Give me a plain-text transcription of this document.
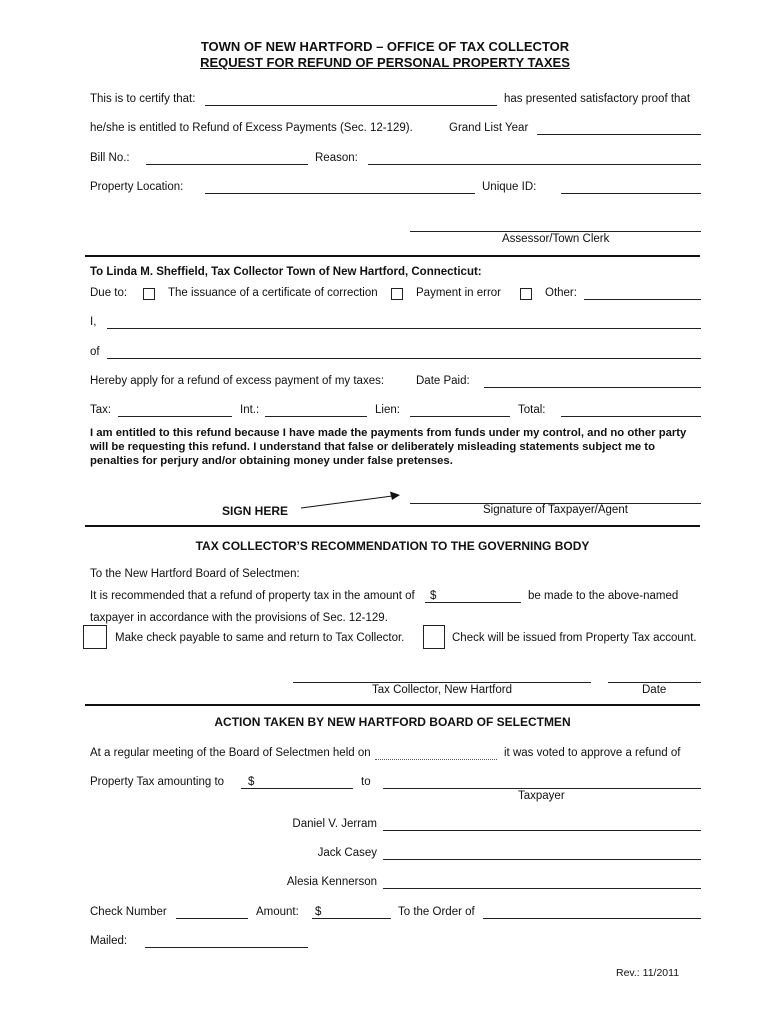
TOWN OF NEW HARTFORD – OFFICE OF TAX COLLECTOR
REQUEST FOR REFUND OF PERSONAL PROPERTY TAXES
This is to certify that:	has presented satisfactory proof that
he/she is entitled to Refund of Excess Payments (Sec. 12-129).	Grand List Year
Bill No.:	Reason:
Property Location:	Unique ID:
Assessor/Town Clerk
To Linda M. Sheffield, Tax Collector Town of New Hartford, Connecticut:
Due to:	The issuance of a certificate of correction	Payment in error	Other:
I,
of
Hereby apply for a refund of excess payment of my taxes:	Date Paid:
Tax:	Int.:	Lien:	Total:
I am entitled to this refund because I have made the payments from funds under my control, and no other party will be requesting this refund. I understand that false or deliberately misleading statements subject me to penalties for perjury and/or obtaining money under false pretenses.
SIGN HERE	Signature of Taxpayer/Agent
TAX COLLECTOR’S RECOMMENDATION TO THE GOVERNING BODY
To the New Hartford Board of Selectmen:
It is recommended that a refund of property tax in the amount of $	be made to the above-named
taxpayer in accordance with the provisions of Sec. 12-129.
Make check payable to same and return to Tax Collector.	Check will be issued from Property Tax account.
Tax Collector, New Hartford	Date
ACTION TAKEN BY NEW HARTFORD BOARD OF SELECTMEN
At a regular meeting of the Board of Selectmen held on	it was voted to approve a refund of
Property Tax amounting to $	to
Taxpayer
Daniel V. Jerram
Jack Casey
Alesia Kennerson
Check Number	Amount: $	To the Order of
Mailed:
Rev.: 11/2011
